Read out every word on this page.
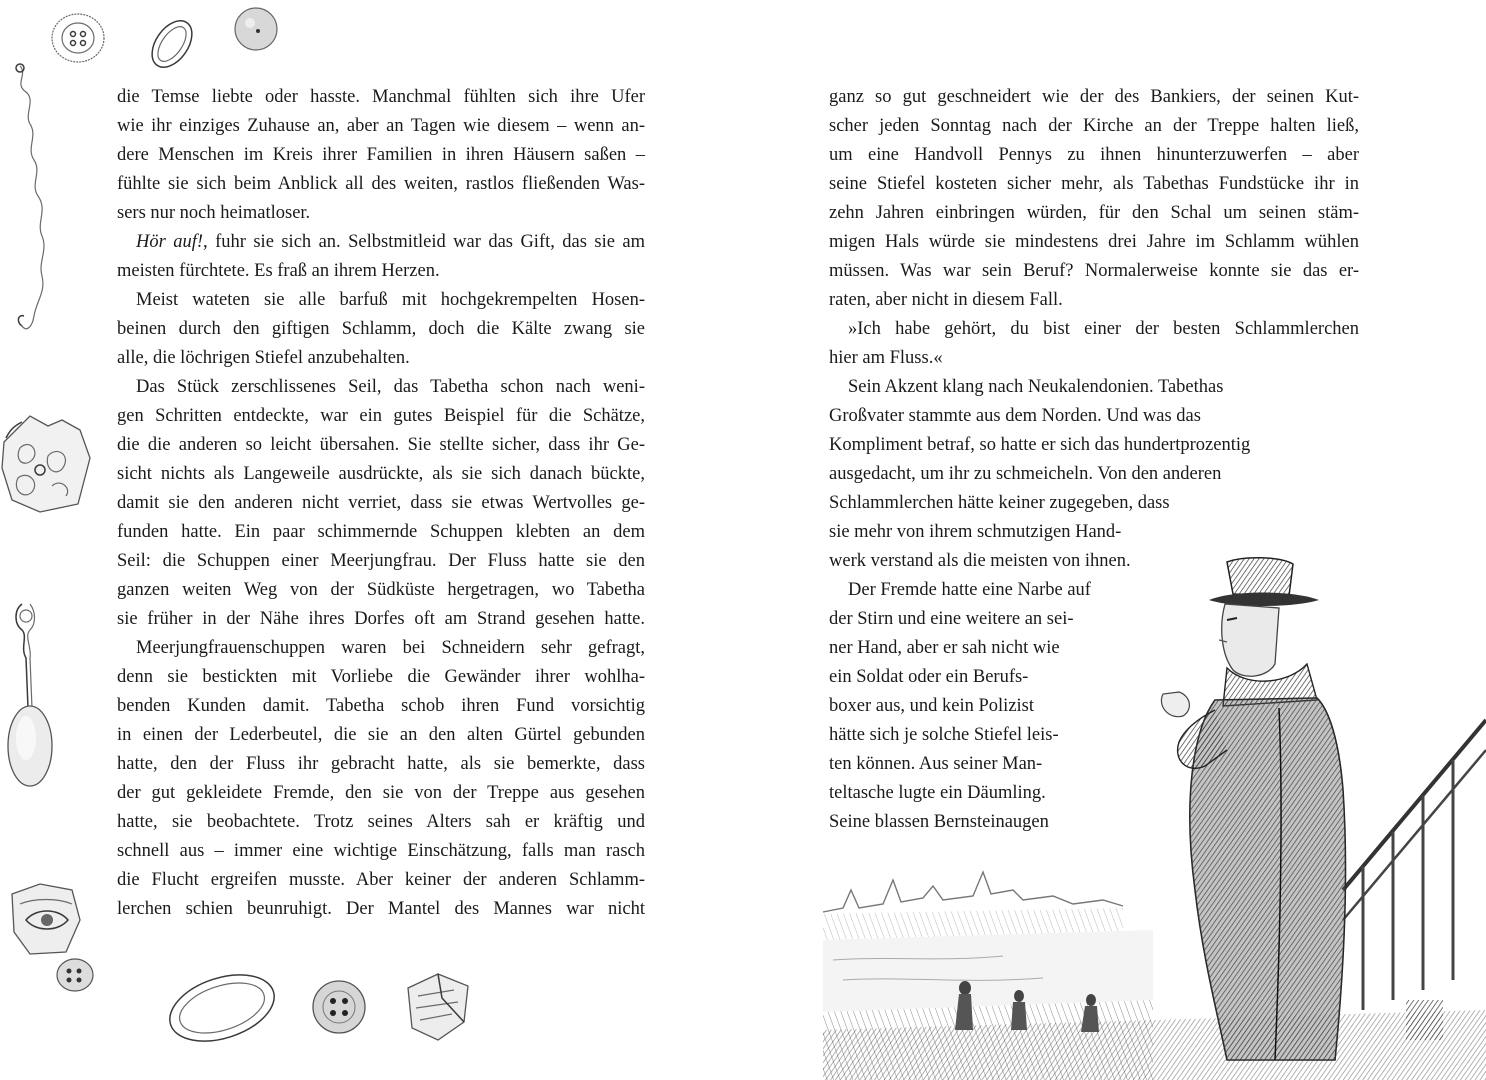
die Temse liebte oder hasste. Manchmal fühlten sich ihre Ufer
wie ihr einziges Zuhause an, aber an Tagen wie diesem – wenn an-
dere Menschen im Kreis ihrer Familien in ihren Häusern saßen –
fühlte sie sich beim Anblick all des weiten, rastlos fließenden Was-
sers nur noch heimatloser.
Hör auf!, fuhr sie sich an. Selbstmitleid war das Gift, das sie am
meisten fürchtete. Es fraß an ihrem Herzen.
Meist wateten sie alle barfuß mit hochgekrempelten Hosen-
beinen durch den giftigen Schlamm, doch die Kälte zwang sie
alle, die löchrigen Stiefel anzubehalten.
Das Stück zerschlissenes Seil, das Tabetha schon nach weni-
gen Schritten entdeckte, war ein gutes Beispiel für die Schätze,
die die anderen so leicht übersahen. Sie stellte sicher, dass ihr Ge-
sicht nichts als Langeweile ausdrückte, als sie sich danach bückte,
damit sie den anderen nicht verriet, dass sie etwas Wertvolles ge-
funden hatte. Ein paar schimmernde Schuppen klebten an dem
Seil: die Schuppen einer Meerjungfrau. Der Fluss hatte sie den
ganzen weiten Weg von der Südküste hergetragen, wo Tabetha
sie früher in der Nähe ihres Dorfes oft am Strand gesehen hatte.
Meerjungfrauenschuppen waren bei Schneidern sehr gefragt,
denn sie bestickten mit Vorliebe die Gewänder ihrer wohlha-
benden Kunden damit. Tabetha schob ihren Fund vorsichtig
in einen der Lederbeutel, die sie an den alten Gürtel gebunden
hatte, den der Fluss ihr gebracht hatte, als sie bemerkte, dass
der gut gekleidete Fremde, den sie von der Treppe aus gesehen
hatte, sie beobachtete. Trotz seines Alters sah er kräftig und
schnell aus – immer eine wichtige Einschätzung, falls man rasch
die Flucht ergreifen musste. Aber keiner der anderen Schlamm-
lerchen schien beunruhigt. Der Mantel des Mannes war nicht
ganz so gut geschneidert wie der des Bankiers, der seinen Kut-
scher jeden Sonntag nach der Kirche an der Treppe halten ließ,
um eine Handvoll Pennys zu ihnen hinunterzuwerfen – aber
seine Stiefel kosteten sicher mehr, als Tabethas Fundstücke ihr in
zehn Jahren einbringen würden, für den Schal um seinen stäm-
migen Hals würde sie mindestens drei Jahre im Schlamm wühlen
müssen. Was war sein Beruf? Normalerweise konnte sie das er-
raten, aber nicht in diesem Fall.
»Ich habe gehört, du bist einer der besten Schlammlerchen
hier am Fluss.«
Sein Akzent klang nach Neukalendonien. Tabethas
Großvater stammte aus dem Norden. Und was das
Kompliment betraf, so hatte er sich das hundertprozentig
ausgedacht, um ihr zu schmeicheln. Von den anderen
Schlammlerchen hätte keiner zugegeben, dass
sie mehr von ihrem schmutzigen Hand-
werk verstand als die meisten von ihnen.
Der Fremde hatte eine Narbe auf
der Stirn und eine weitere an sei-
ner Hand, aber er sah nicht wie
ein Soldat oder ein Berufs-
boxer aus, und kein Polizist
hätte sich je solche Stiefel leis-
ten können. Aus seiner Man-
teltasche lugte ein Däumling.
Seine blassen Bernsteinaugen
